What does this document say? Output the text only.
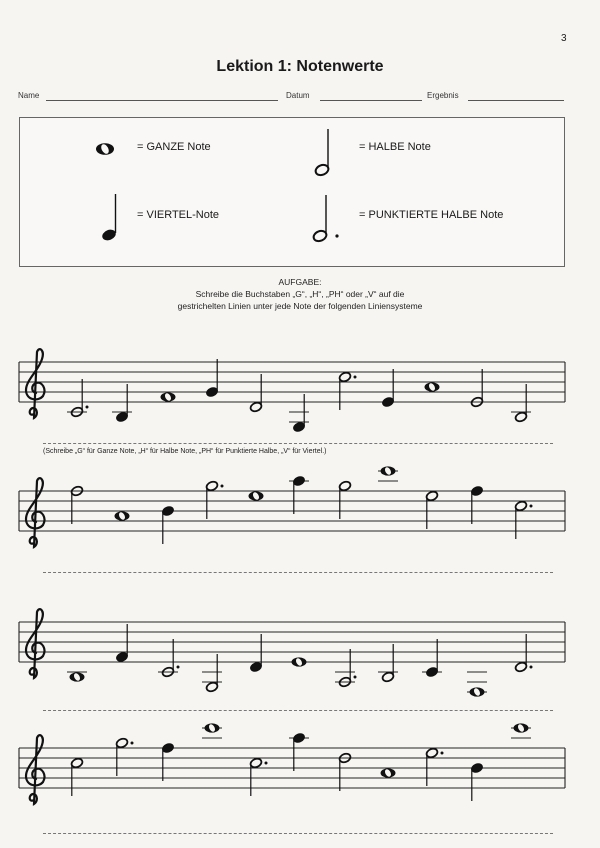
3
Lektion 1: Notenwerte
Name	Datum	Ergebnis
= GANZE Note	= HALBE Note
= VIERTEL-Note	= PUNKTIERTE HALBE Note
AUFGABE:
Schreibe die Buchstaben „G“, „H“, „PH“ oder „V“ auf die
gestrichelten Linien unter jede Note der folgenden Liniensysteme
(Schreibe „G“ für Ganze Note, „H“ für Halbe Note, „PH“ für Punktierte Halbe, „V“ für Viertel.)
